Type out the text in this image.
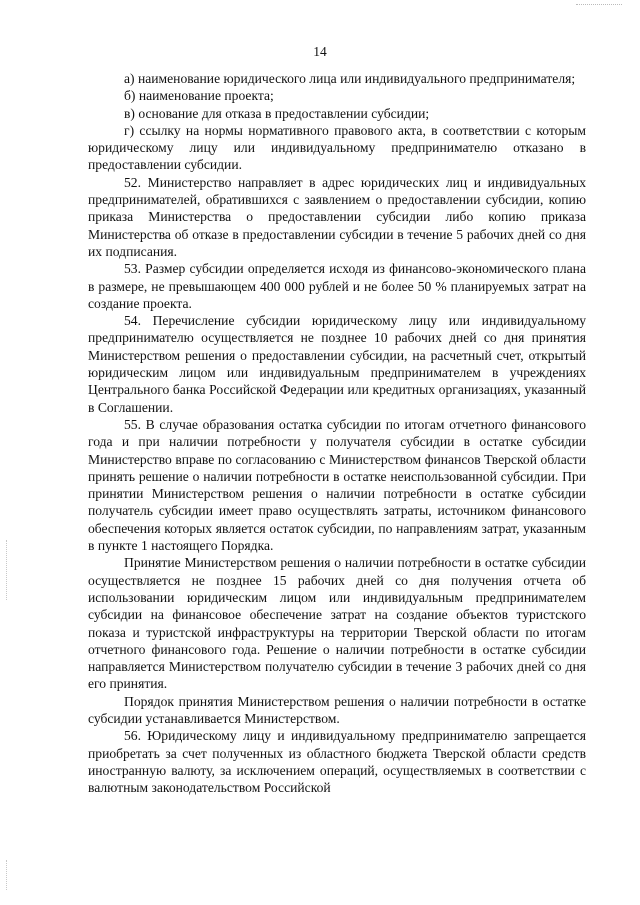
14

а) наименование юридического лица или индивидуального предпринимателя;

б) наименование проекта;

в) основание для отказа в предоставлении субсидии;

г) ссылку на нормы нормативного правового акта, в соответствии с которым юридическому лицу или индивидуальному предпринимателю отказано в предоставлении субсидии.

52. Министерство направляет в адрес юридических лиц и индивидуальных предпринимателей, обратившихся с заявлением о предоставлении субсидии, копию приказа Министерства о предоставлении субсидии либо копию приказа Министерства об отказе в предоставлении субсидии в течение 5 рабочих дней со дня их подписания.

53. Размер субсидии определяется исходя из финансово-экономического плана в размере, не превышающем 400 000 рублей и не более 50 % планируемых затрат на создание проекта.

54. Перечисление субсидии юридическому лицу или индивидуальному предпринимателю осуществляется не позднее 10 рабочих дней со дня принятия Министерством решения о предоставлении субсидии, на расчетный счет, открытый юридическим лицом или индивидуальным предпринимателем в учреждениях Центрального банка Российской Федерации или кредитных организациях, указанный в Соглашении.

55. В случае образования остатка субсидии по итогам отчетного финансового года и при наличии потребности у получателя субсидии в остатке субсидии Министерство вправе по согласованию с Министерством финансов Тверской области принять решение о наличии потребности в остатке неиспользованной субсидии. При принятии Министерством решения о наличии потребности в остатке субсидии получатель субсидии имеет право осуществлять затраты, источником финансового обеспечения которых является остаток субсидии, по направлениям затрат, указанным в пункте 1 настоящего Порядка.

Принятие Министерством решения о наличии потребности в остатке субсидии осуществляется не позднее 15 рабочих дней со дня получения отчета об использовании юридическим лицом или индивидуальным предпринимателем субсидии на финансовое обеспечение затрат на создание объектов туристского показа и туристской инфраструктуры на территории Тверской области по итогам отчетного финансового года. Решение о наличии потребности в остатке субсидии направляется Министерством получателю субсидии в течение 3 рабочих дней со дня его принятия.

Порядок принятия Министерством решения о наличии потребности в остатке субсидии устанавливается Министерством.

56. Юридическому лицу и индивидуальному предпринимателю запрещается приобретать за счет полученных из областного бюджета Тверской области средств иностранную валюту, за исключением операций, осуществляемых в соответствии с валютным законодательством Российской
